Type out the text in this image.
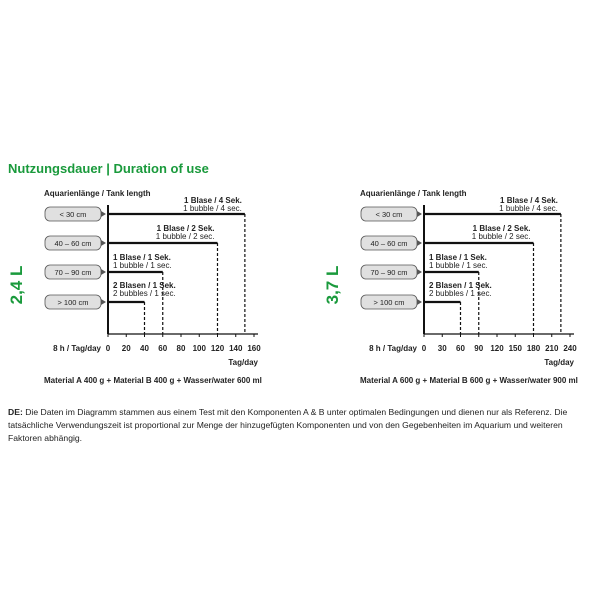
Nutzungsdauer | Duration of use
Aquarienlänge / Tank length
2,4 L
< 30 cm
40 – 60 cm
70 – 90 cm
> 100 cm
1 Blase / 4 Sek.
1 bubble / 4 sec.
1 Blase / 2 Sek.
1 bubble / 2 sec.
1 Blase / 1 Sek.
1 bubble / 1 sec.
2 Blasen / 1 Sek.
2 bubbles / 1 sec.
0 20 40 60 80 100 120 140 160
8 h / Tag/day
Tag/day
Aquarienlänge / Tank length
3,7 L
< 30 cm
40 – 60 cm
70 – 90 cm
> 100 cm
1 Blase / 4 Sek.
1 bubble / 4 sec.
1 Blase / 2 Sek.
1 bubble / 2 sec.
1 Blase / 1 Sek.
1 bubble / 1 sec.
2 Blasen / 1 Sek.
2 bubbles / 1 sec.
0 30 60 90 120 150 180 210 240
8 h / Tag/day
Tag/day
Material A 400 g + Material B 400 g + Wasser/water 600 ml	Material A 600 g + Material B 600 g + Wasser/water 900 ml
DE: Die Daten im Diagramm stammen aus einem Test mit den Komponenten A & B unter optimalen Bedingungen und dienen nur als Referenz. Die tatsächliche Verwendungszeit ist proportional zur Menge der hinzugefügten Komponenten und von den Gegebenheiten im Aquarium und weiteren Faktoren abhängig.
